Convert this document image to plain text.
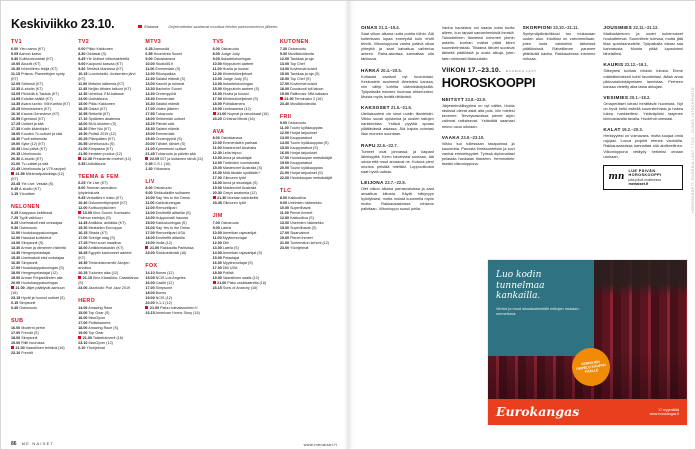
Keskiviikko 23.10.	Elokuva	Ohjelmatiedot saattavat muuttua lehden painoonmenon jälkeen.
TV1
6.00 Ylen aamu (KT)
9.05 Aamun kasvo
9.30 Kulttuuricocktail (KT)
10.00 Akuutti (KT)
10.30 Inhimillinen tekijä (KT)
11.15 Prisma: Planeettojen synty (KT)
12.05 Strömsö (KT)
12.35 A-studio (KT)
13.05 Flinkkilä & Tastula (KT)
14.05 Kotoisin täältä (KT)
14.35 Avara luonto: Villi Karibia (KT)
15.25 Ikimuistoinen (KT)
16.10 Kaunis Genevieve (KT)
16.55 Egenland (KT)
17.25 Uutiset ja sää
17.35 Kodin kääntöpiiri
18.00 Kuuden Tv-uutiset ja sää
18.30 Puoli seitsemän
19.00 Syke (12) (KT)
19.45 Uusi päivä (KT)
20.15 Urheiluruutu
20.30 A-studio (KT)
21.00 Tv-uutiset ja sää
21.45 Urheiluruutu ja V75-ravipeli
21.55 Mielensäpahoittaja (12) (KT)
23.45 Yle Live: Vesala (S)
0.45 A-studio (KT)
1.15 Yöuutiset
NELONEN
6.25 Kaappaus keittiössä
7.25 Tyylit vaihtoon
8.25 Unelmakoti etsii omistajaa
9.30 Ostosruutu
11.00 Huutokauppakuningas
12.00 Hauskat kotivideot
13.00 Simpsonit (S)
13.30 Arman ja viimeinen ristiretki
14.30 Hengenpelastajat
15.30 Unelmakoti etsii omistajaa
16.30 Simpsonit
17.00 Huutokauppakuningas (S)
18.00 Hengenpelastajat (12)
19.00 Arman Pohjantähden alla
20.00 Huutokauppakuningas
21.00 Jäljet päättyvät aamuun (16)
23.15 Hyvät ja huonot uutiset (S)
0.15 Simpsonit
0.45 Ostosruutu
SUB
16.00 Moderni perhe
17.00 Frendit (S)
18.00 Simpsonit
19.00 Rillit huurussa
21.00 Vaarallinen tehtävä (16)
23.10 Frendit
TV2
6.00 Pikku Kakkonen
8.30 Oddasat (S)
8.45 Yle Uutiset viittomakielellä
9.00 Kaupunki kasvaa (KT)
9.30 Tehtävä Marsissa (KT)
10.15 Luontohetki: Joutsenten järvi (KT)
11.00 Metsien kätkemä (KT)
11.45 Neljän tähden talkoot (KT)
12.30 Urheilua: EM-katsaus
14.00 Uutisikkuna
15.00 Pikku Kakkonen
16.25 Galaxi (KT)
16.55 Retkellä (KT)
17.10 Sydänten akatemia
18.00 BUU-klubben (S)
18.30 Efter Nio (KT)
19.30 Poliisit 2019 (12)
20.25 Pilanpäiten (KT)
20.55 Urheiluruutu (S)
21.00 Kimpassa (KT)
21.50 Ihmisten puolue (12)
22.35 Presidentin miehet (12)
0.35 Uutisikkuna
TEEMA & FEM
6.25 Yle Live (KT)
8.00 Teeman aamukino: lyhytelokuvia
9.45 Versailles'n loisto (KT)
10.40 Dokumenttiprojekti (KT)
12.00 Kulttuuriykkönen
13.05 Kino Suomi: Komisario Palmun erehdys (S)
14.45 Antiikkia, antiikkia (KT)
15.30 Mestarien Eurooppa
16.15 Strada (KT)
17.00 Sverige idag (S)
17.25 Pieni suuri maailma
18.00 Antiikkimakasiini (KT)
18.45 Egyptin kadonneet aarteet (KT)
19.35 Tiededokumentti: Aivojen arvoitus
20.25 Tudorien aika (12)
21.15 Kino Klassikko: Casablanca (S)
23.00 Jazzklubi: Pori Jazz 2019
HERO
14.00 Amazing Race
15.00 Top Gear (S)
16.00 MacGyver
17.00 Poliisikamera
18.00 Amazing Race (S)
19.00 Top Gear
21.00 Taistelutoverit (16)
23.10 MacGyver (12)
0.10 Yöohjelmat
MTV3
6.25 Aamusää
6.55 Huomenta Suomi
9.00 Ostoskanava
10.00 Studio55.fi
11.00 Emmerdale (S)
12.00 Rikospaikka
12.30 Salatut elämät (S)
13.00 Kauniit ja rohkeat
13.30 Bachelor Suomi
14.30 Onnenpyörä
15.30 Emmerdale
16.30 Salatut elämät
17.00 Viiden jälkeen
17.55 Tulosruutu
18.00 Seitsemän uutiset
18.25 Päivän sää
18.30 Salatut elämät
19.00 Emmerdale
19.30 Onnenpyörä (S)
20.00 Tähdet, tähdet (S)
21.00 Kymmenen uutiset
21.45 Tulosruutu ja päivän sää
22.05 007 ja kultainen silmä (12)
0.35 C.S.I. (16)
1.30 Yökanava
LIV
8.00 Ostosruutu
9.00 Sinkkuäidille sulhanen
10.00 Say Yes to the Dress
11.00 Kakkukuningas
12.00 Remonttipari
13.00 Ensitreffit alttarilla (S)
14.00 Huippumalli haussa
15.00 Kakkukuningas (S)
16.00 Say Yes to the Dress
17.00 Remonttipari USA
18.00 Ensitreffit alttarilla
19.00 Iholla (12)
21.00 Rakkautta Pariisissa
23.00 Sinkkuelämää (16)
FOX
14.10 Bones (12)
15.05 NCIS Los Angeles
16.00 Castle (12)
17.00 Simpsonit
18.00 Bones
19.00 NCIS (12)
20.00 9-1-1 (12)
21.00 Paluu tulevaisuuteen II
23.15 American Horror Story (16)
TV5
6.00 Ostosruutu
8.00 Judge Judy
9.00 Askartelukuningas
10.00 Kirpputorin aarteet
11.00 Huvila ja huussi
12.00 Kiinteistöveljekset
13.00 Judge Judy (S)
14.00 Askartelukuningas
15.00 Kirpputorin aarteet (S)
16.00 Huvila ja huussi
17.00 Kiinteistöveljekset (S)
18.00 Poliisikamera
19.00 Lentoasema (12)
21.00 Nopeat ja raivokkaat (16)
23.20 Criminal Minds (16)
AVA
8.00 Ostoskanava
10.00 Emmerdalen parhaat
11.00 Masterchef Australia
12.30 Leila leipoo
13.00 Anna ja sisustajat
14.00 Tunteiden vuoristorata
15.00 Masterchef Australia (S)
16.30 Mitä tänään syötäisiin?
17.00 Gilmoren tytöt
18.00 Anna ja sisustajat (S)
19.00 Masterchef Australia
20.30 Greyn anatomia (12)
21.30 Morsian karkuteillä
23.45 Gilmoren tytöt
JIM
7.00 Ostosruutu
9.00 Latela
10.00 Amerikan rajavartijat
11.00 Myytinmurtajat
12.00 Diili
13.00 Latela (S)
14.00 Amerikan rajavartijat (S)
15.00 Pelastajat
16.00 Myytinmurtajat (S)
17.00 Diili USA
18.00 Poliisit
19.00 Vaarallinen saalis (12)
21.00 Pako vankisaarelta (16)
23.15 Sons of Anarchy (16)
KUTONEN
7.30 Ostosruutu
9.30 Musiikkivideoita
12.00 Tankkaa ja aja
13.00 Top Chef
14.00 Kovimmat kuskit
15.00 Tankkaa ja aja (S)
16.00 Top Chef (S)
17.00 Kovimmat kuskit
18.00 Duudsonit tuli taloon
19.00 Rallicross: MM-katsaus
21.00 Terminator 2 (16)
23.40 Musiikkivideoita
FRII
9.00 Ostosruutu
11.00 Tuurin kyläkauppias
12.00 Hurjat tarjoukset
13.00 Kaupparatsut
14.00 Tuurin kyläkauppias (S)
15.00 Kaupparatsut (S)
16.00 Hurjat tarjoukset
17.00 Huutokaupan metsästäjät
19.00 Kaupparatsut
20.00 Tuurin kyläkauppias
21.00 Hurjat tarjoukset (S)
22.00 Huutokaupan metsästäjät
TLC
8.00 Kakkudiiva
9.00 Unelmien häämekko
10.00 Superlihavat
11.00 Pienet ihmeet
12.00 Kakkudiiva (S)
13.00 Unelmien häämekko
15.00 Superlihavat (S)
17.00 Sisarvaimot
19.00 Pienet ihmeet
21.00 Tuntematon kehoni (12)
23.00 Yöohjelmat
86 ME NAISET	www.menaiset.fi
OINAS 21.3.–19.4.

Saat viikon aikana uutta puhtia töihin. Älä kuitenkaan lupaa enempää kuin ehdit tehdä. Viikonloppuna vanha ystävä ottaa yhteyttä ja saat kaivattua vaihtelua arkeen. Raha-asioissa kannattaa olla tarkkana.

HÄRKÄ 20.4.–20.5.

Kotiasiat vaativat nyt huomiotasi. Keskustele avoimesti läheistesi kanssa, niin vältyt turhilta väärinkäsityksiltä. Työpaikalla esimies huomaa ahkeruutesi. Muista myös levätä riittävästi.

KAKSOSET 21.5.–21.6.

Uteliaisuutesi vie sinut uusiin tilanteisiin. Viikko suosii opiskelua ja uusien taitojen hankkimista. Ystävä pyytää apuasi yllättävässä asiassa. Älä hajota voimiasi liian moneen suuntaan.

RAPU 22.6.–22.7.

Tunteet ovat pinnassa, ja kaipaat läheisyyttä. Kerro toiveistasi suoraan, älä odota että muut arvaavat ne. Kotona pieni muutos piristää mieltäsi. Loppuviikosta saat hyviä uutisia.

LEIJONA 23.7.–22.8.

Olet viikon aikana parrasvaloissa ja saat ansaittua kiitosta. Käytä näkyvyys hyödyksesi, mutta muista kuunnella myös muita. Rakkausasioissa rohkeus palkitaan. Viikonloppu suosii juhlia.

Vanha harrastus voi saada uutta tuulta alleen, kun tapaat samanhenkisiä ihmisiä. Taloudellinen tilanteesi kohenee pienin askelin, kunhan maltat pitää kiinni suunnitelmistasi. Tiistaina tähdet suosivat tärkeitä päätöksiä ja uusia alkuja, joten tartu rohkeasti tilaisuuksiin.

VIIKON 17.–23.10. EUGENIA LAST
HOROSKOOPPI
NEITSYT 23.8.–22.9.

Järjestelmällisyytesi on nyt valttia. Hoida rästissä olevat asiat alta pois, niin mielesi kevenee. Terveysasioissa pienet arjen valinnat ratkaisevat. Ystävältä saamasi neuvo osuu oikeaan.

VAAKA 23.9.–23.10.

Viikko tuo tullessaan tasapainoa ja kauneutta. Panosta ihmissuhteisiin ja sovi vanhat erimielisyydet. Työssä diplomatiasi pelastaa hankalan tilanteen. Hemmottele itseäsi viikonloppuna.

SKORPIONI 23.10.–21.11.

Syntymäpäiväviikkosi tuo mukanaan uuden alun. Intuitiosi on vahvimmillaan, joten luota vaistoihisi tärkeissä päätöksissä. Rahatilanne paranee yllättävää kautta. Rakkaudessa intohimo roihuaa.

JOUSIMIES 22.11.–21.12.

Matkustaminen ja uudet kokemukset houkuttelevat. Suunnittele tulevaa, mutta jätä tilaa spontaaniudelle. Työpaikalla ideasi saa kannatusta. Muista pitää lupauksesi läheisillesi.

KAURIS 22.12.–19.1.

Sitkeytesi tuottaa vihdoin tulosta. Etene määrätietoisesti kohti tavoitettasi, äläkä anna pikkuvastoinkäymisten lannistaa. Perheen kanssa vietetty aika lataa akkujasi.

VESIMIES 20.1.–18.2.

Omaperäiset ideasi herättävät huomiota. Nyt on hyvä hetki esitellä suunnitelmiasi ja hakea tukea hankkeillesi. Ystäväpiirisi laajenee kiinnostavalla tavalla. Huolehdi unestasi.

KALAT 19.2.–20.3.

Herkkyytesi on voimavara, mutta suojaa omia rajojasi. Luova projekti etenee vauhdilla. Rakkausasioissa kannattaa olla aloitteellinen. Viikonloppuna vetäydy hetkeksi omaan rauhaan.

mn
LUE PÄIVÄN
HOROSKOOPPI
joka päivä osoitteessa
menaiset.fi	HOROSKOOPIT: EUGENIA LAST / TCA · KUVAT: ISTOCKPHOTO

Luo kodin tunnelmaa kankailla.

Verhot ja muut sisustustekstiilit mittojen mukaan ommeltuna.

VERHOJEN OMPELU KAUPAN PÄÄLLE
Eurokangas	17 myymälää
www.eurokangas.fi
